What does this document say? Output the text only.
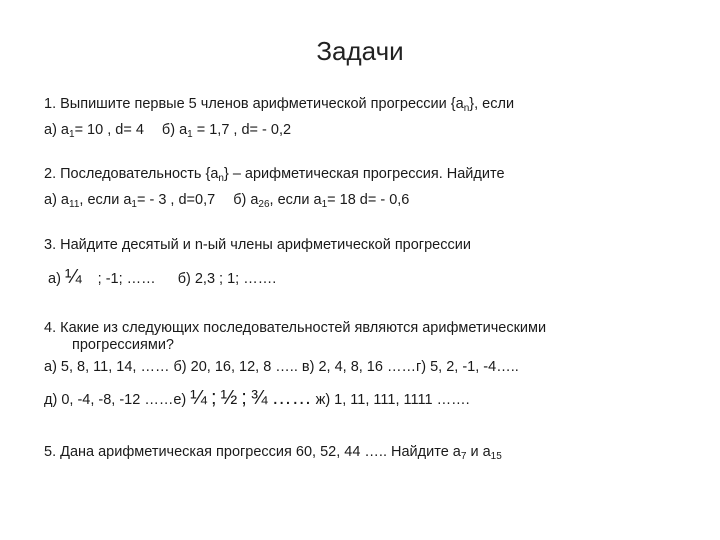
Задачи
1. Выпишите первые 5 членов арифметической прогрессии $\{a_n\}$, если
а) $a_1= 10$ , d= 4 б) $a_1 = 1,7$ , d= - 0,2
2. Последовательность $\{a_n\}$ – арифметическая прогрессия. Найдите
а) $a_{11}$, если $a_1= - 3$ , d=0,7 б) $a_{26}$, если $a_1= 18$ d= - 0,6
3. Найдите десятый и n-ый члены арифметической прогрессии
а) ¼ ; -1; …… б) 2,3 ; 1; …….
4. Какие из следующих последовательностей являются арифметическими
прогрессиями?
а) 5, 8, 11, 14, …… б) 20, 16, 12, 8 ….. в) 2, 4, 8, 16 ……г) 5, 2, -1, -4…..
д) 0, -4, -8, -12 ……е) ¼ ; ½ ; ¾ …… ж) 1, 11, 111, 1111 …….
5. Дана арифметическая прогрессия 60, 52, 44 ….. Найдите $a_7$ и $a_{15}$
